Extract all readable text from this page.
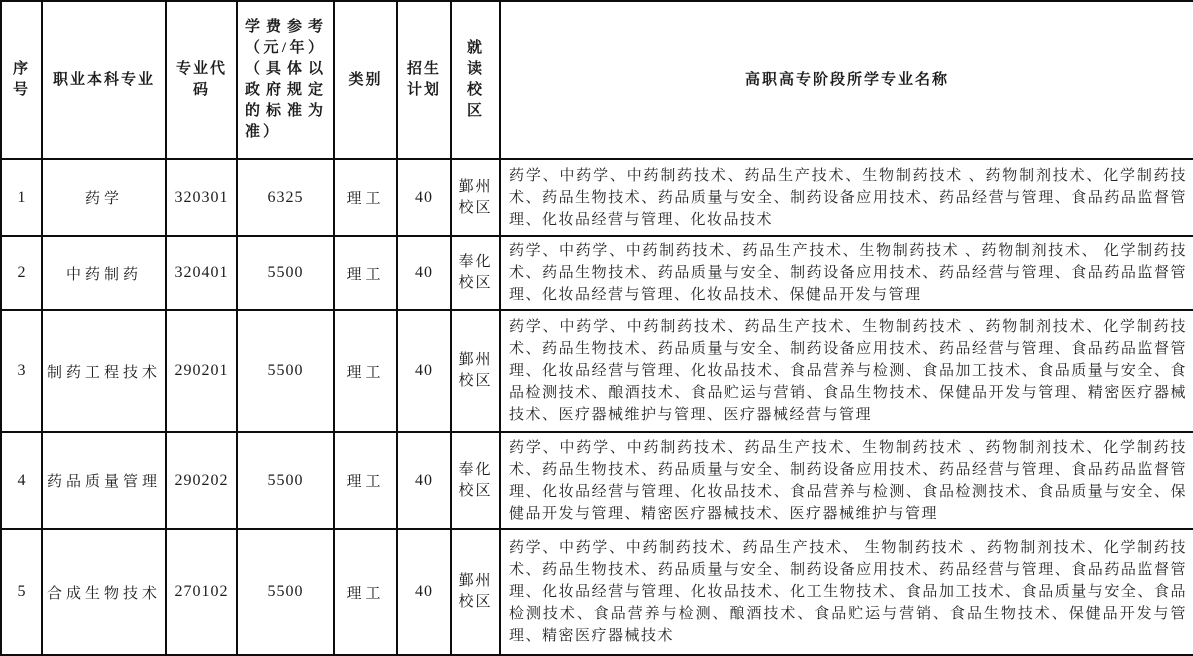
序号	职业本科专业	专业代码	学费参考（元/年）（具体以政府规定的标准为准）	类别	招生计划	就读校区	高职高专阶段所学专业名称
1	药学	320301	6325	理工	40	鄞州校区	药学、中药学、中药制药技术、药品生产技术、生物制药技术 、药物制剂技术、化学制药技术、药品生物技术、药品质量与安全、制药设备应用技术、药品经营与管理、食品药品监督管理、化妆品经营与管理、化妆品技术
2	中药制药	320401	5500	理工	40	奉化校区	药学、中药学、中药制药技术、药品生产技术、生物制药技术 、药物制剂技术、 化学制药技术、药品生物技术、药品质量与安全、制药设备应用技术、药品经营与管理、食品药品监督管理、化妆品经营与管理、化妆品技术、保健品开发与管理
3	制药工程技术	290201	5500	理工	40	鄞州校区	药学、中药学、中药制药技术、药品生产技术、生物制药技术 、药物制剂技术、化学制药技术、药品生物技术、药品质量与安全、制药设备应用技术、药品经营与管理、食品药品监督管理、化妆品经营与管理、化妆品技术、食品营养与检测、食品加工技术、食品质量与安全、食品检测技术、酿酒技术、食品贮运与营销、食品生物技术、保健品开发与管理、精密医疗器械技术、医疗器械维护与管理、医疗器械经营与管理
4	药品质量管理	290202	5500	理工	40	奉化校区	药学、中药学、中药制药技术、药品生产技术、生物制药技术 、药物制剂技术、化学制药技术、药品生物技术、药品质量与安全、制药设备应用技术、药品经营与管理、食品药品监督管理、化妆品经营与管理、化妆品技术、食品营养与检测、食品检测技术、食品质量与安全、保健品开发与管理、精密医疗器械技术、医疗器械维护与管理
5	合成生物技术	270102	5500	理工	40	鄞州校区	药学、中药学、中药制药技术、药品生产技术、 生物制药技术 、药物制剂技术、化学制药技术、药品生物技术、药品质量与安全、制药设备应用技术、药品经营与管理、食品药品监督管理、化妆品经营与管理、化妆品技术、化工生物技术、食品加工技术、食品质量与安全、食品检测技术、食品营养与检测、酿酒技术、食品贮运与营销、食品生物技术、保健品开发与管理、精密医疗器械技术
